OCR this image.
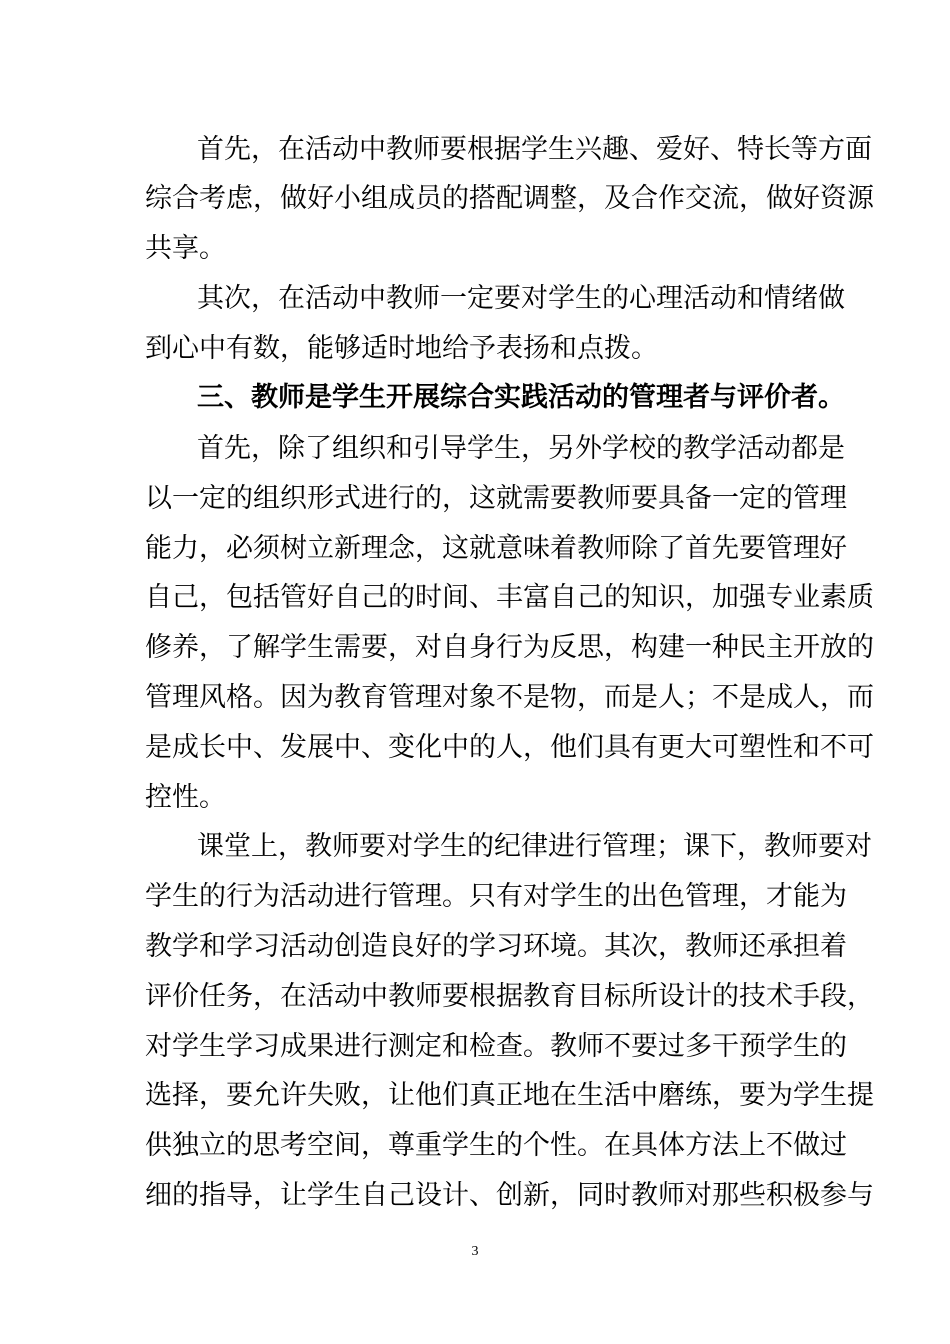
首先，在活动中教师要根据学生兴趣、爱好、特长等方面
综合考虑，做好小组成员的搭配调整，及合作交流，做好资源
共享。
其次，在活动中教师一定要对学生的心理活动和情绪做
到心中有数，能够适时地给予表扬和点拨。
三、教师是学生开展综合实践活动的管理者与评价者。
首先，除了组织和引导学生，另外学校的教学活动都是
以一定的组织形式进行的，这就需要教师要具备一定的管理
能力，必须树立新理念，这就意味着教师除了首先要管理好
自己，包括管好自己的时间、丰富自己的知识，加强专业素质
修养，了解学生需要，对自身行为反思，构建一种民主开放的
管理风格。因为教育管理对象不是物，而是人；不是成人，而
是成长中、发展中、变化中的人，他们具有更大可塑性和不可
控性。
课堂上，教师要对学生的纪律进行管理；课下，教师要对
学生的行为活动进行管理。只有对学生的出色管理，才能为
教学和学习活动创造良好的学习环境。其次，教师还承担着
评价任务，在活动中教师要根据教育目标所设计的技术手段，
对学生学习成果进行测定和检查。教师不要过多干预学生的
选择，要允许失败，让他们真正地在生活中磨练，要为学生提
供独立的思考空间，尊重学生的个性。在具体方法上不做过
细的指导，让学生自己设计、创新，同时教师对那些积极参与
3
